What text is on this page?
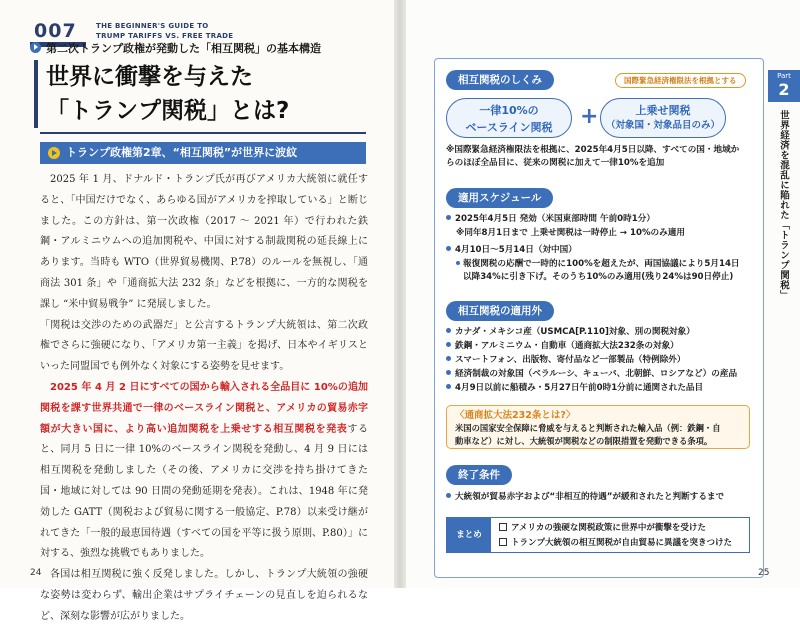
007	THE BEGINNER'S GUIDE TO
TRUMP TARIFFS VS. FREE TRADE
世界に衝撃を与えた
「トランプ関税」とは?
トランプ政権第2章、“相互関税”が世界に波紋

2025 年 1 月、ドナルド・トランプ氏が再びアメリカ大統領に就任すると、「中国だけでなく、あらゆる国がアメリカを搾取している」と断じました。この方針は、第一次政権（2017 ～ 2021 年）で行われた鉄鋼・アルミニウムへの追加関税や、中国に対する制裁関税の延長線上にあります。当時も WTO（世界貿易機関、P.78）のルールを無視し、「通商法 301 条」や「通商拡大法 232 条」などを根拠に、一方的な関税を課し “米中貿易戦争” に発展しました。

「関税は交渉のための武器だ」と公言するトランプ大統領は、第二次政権でさらに強硬になり、「アメリカ第一主義」を掲げ、日本やイギリスといった同盟国でも例外なく対象にする姿勢を見せます。

2025 年 4 月 2 日にすべての国から輸入される全品目に 10%の追加関税を課す世界共通で一律のベースライン関税と、アメリカの貿易赤字額が大きい国に、より高い追加関税を上乗せする相互関税を発表すると、同月 5 日に一律 10%のベースライン関税を発動し、4 月 9 日には相互関税を発動しました（その後、アメリカに交渉を持ち掛けてきた国・地域に対しては 90 日間の発動延期を発表）。これは、1948 年に発効した GATT（関税および貿易に関する一般協定、P.78）以来受け継がれてきた「一般的最恵国待遇（すべての国を平等に扱う原則、P.80）」に対する、強烈な挑戦でもありました。

各国は相互関税に強く反発しました。しかし、トランプ大統領の強硬な姿勢は変わらず、輸出企業はサプライチェーンの見直しを迫られるなど、深刻な影響が広がりました。

24
第二次トランプ政権が発動した「相互関税」の基本構造
相互関税のしくみ	国際緊急経済権限法を根拠とする
一律10%の
ベースライン関税	+	上乗せ関税
（対象国・対象品目のみ）
※国際緊急経済権限法を根拠に、2025年4月5日以降、すべての国・地域か
らのほぼ全品目に、従来の関税に加えて一律10%を追加
適用スケジュール
2025年4月5日 発効（米国東部時間 午前0時1分）
※同年8月1日まで 上乗せ関税は一時停止 → 10%のみ適用
4月10日～5月14日（対中国）
報復関税の応酬で一時的に100%を超えたが、両国協議により5月14日
以降34%に引き下げ。そのうち10%のみ適用(残り24%は90日停止)
相互関税の適用外
カナダ・メキシコ産（USMCA[P.110]対象、別の関税対象）
鉄鋼・アルミニウム・自動車（通商拡大法232条の対象）
スマートフォン、出版物、寄付品など一部製品（特例除外）
経済制裁の対象国（ベラルーシ、キューバ、北朝鮮、ロシアなど）の産品
4月9日以前に船積み・5月27日午前0時1分前に通関された品目
〈通商拡大法232条とは?〉
米国の国家安全保障に脅威を与えると判断された輸入品（例：鉄鋼・自
動車など）に対し、大統領が関税などの制限措置を発動できる条項。
終了条件
大統領が貿易赤字および“非相互的待遇”が緩和されたと判断するまで
まとめ
アメリカの強硬な関税政策に世界中が衝撃を受けた
トランプ大統領の相互関税が自由貿易に異議を突きつけた
Part
2
世界経済を混乱に陥れた「トランプ関税」
25
